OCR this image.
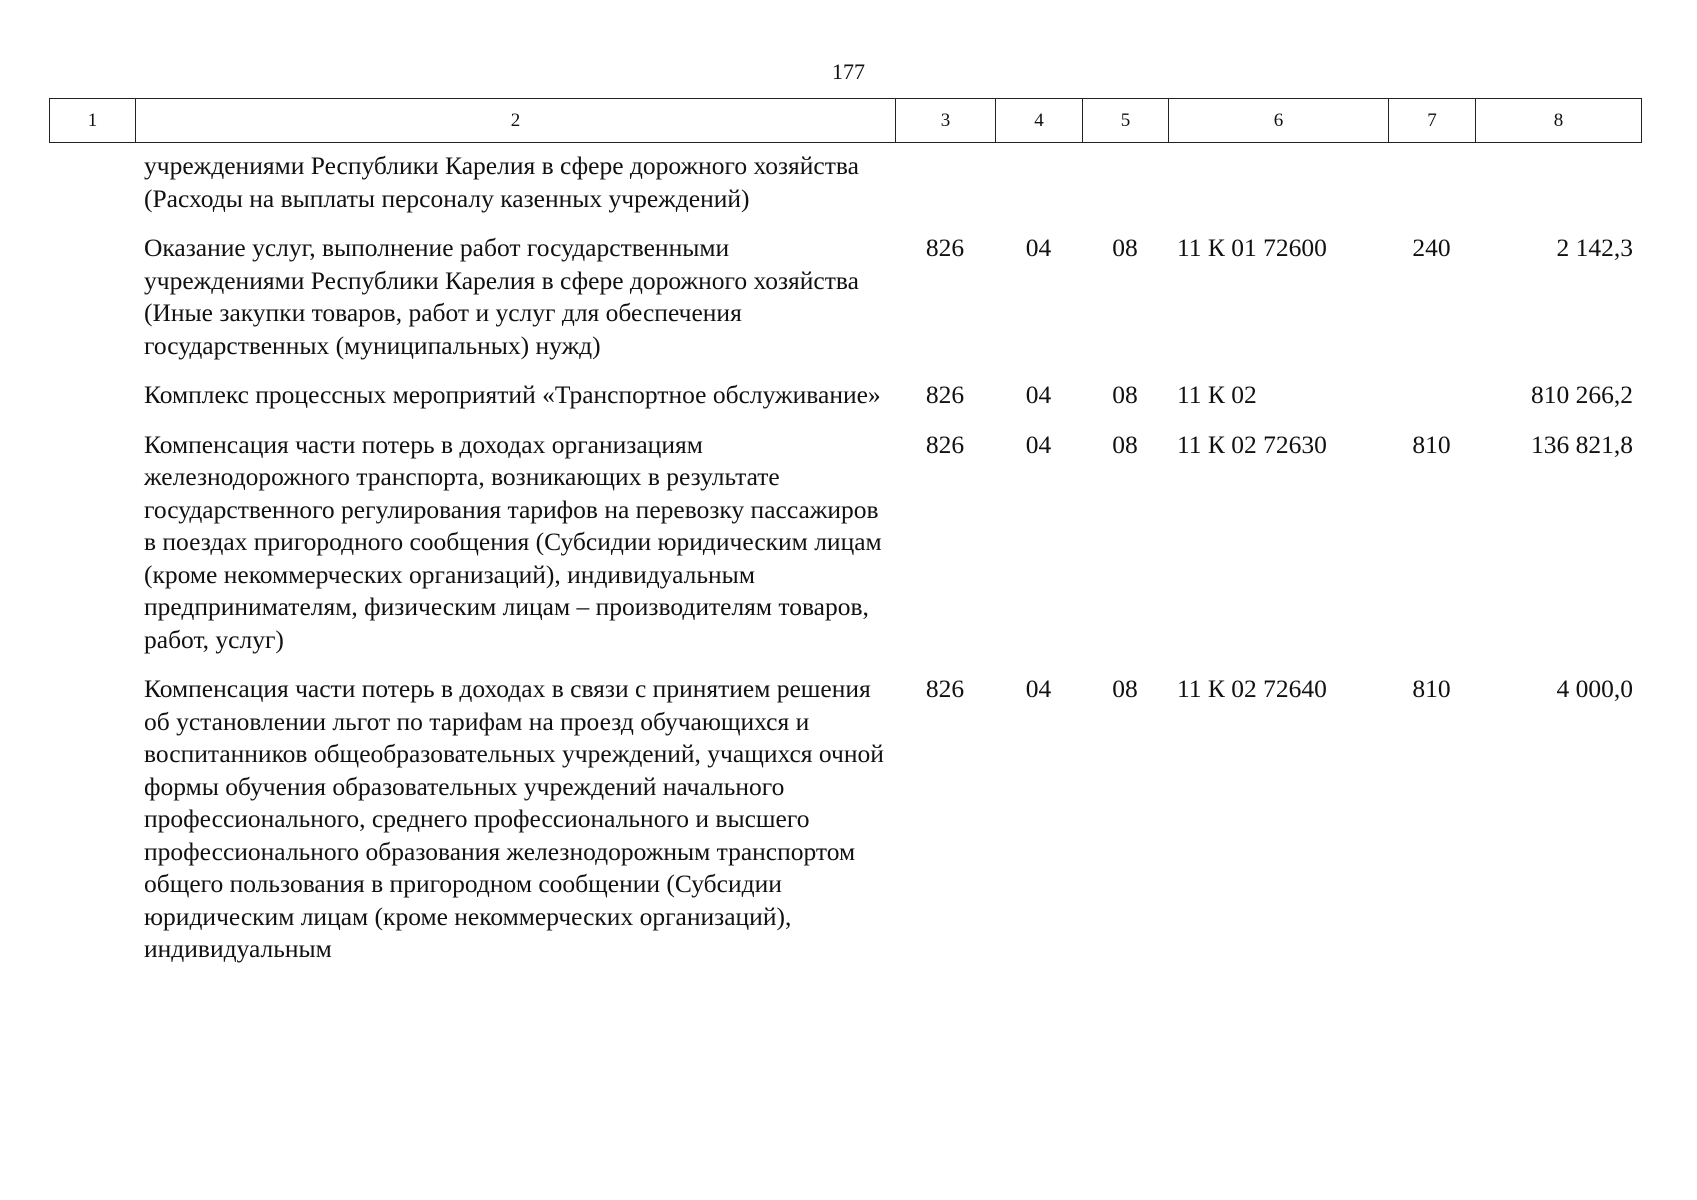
177
1	2	3	4	5	6	7	8
	учреждениями Республики Карелия в сфере дорожного хозяйства (Расходы на выплаты персоналу казенных учреждений)						
	Оказание услуг, выполнение работ государственными учреждениями Республики Карелия в сфере дорожного хозяйства (Иные закупки товаров, работ и услуг для обеспечения государственных (муниципальных) нужд)	826	04	08	11 К 01 72600	240	2 142,3
	Комплекс процессных мероприятий «Транспортное обслуживание»	826	04	08	11 К 02		810 266,2
	Компенсация части потерь в доходах организациям железнодорожного транспорта, возникающих в результате государственного регулирования тарифов на перевозку пассажиров в поездах пригородного сообщения (Субсидии юридическим лицам (кроме некоммерческих организаций), индивидуальным предпринимателям, физическим лицам – производителям товаров, работ, услуг)	826	04	08	11 К 02 72630	810	136 821,8
	Компенсация части потерь в доходах в связи с принятием решения об установлении льгот по тарифам на проезд обучающихся и воспитанников общеобразовательных учреждений, учащихся очной формы обучения образовательных учреждений начального профессионального, среднего профессионального и высшего профессионального образования железнодорожным транспортом общего пользования в пригородном сообщении (Субсидии юридическим лицам (кроме некоммерческих организаций), индивидуальным	826	04	08	11 К 02 72640	810	4 000,0
